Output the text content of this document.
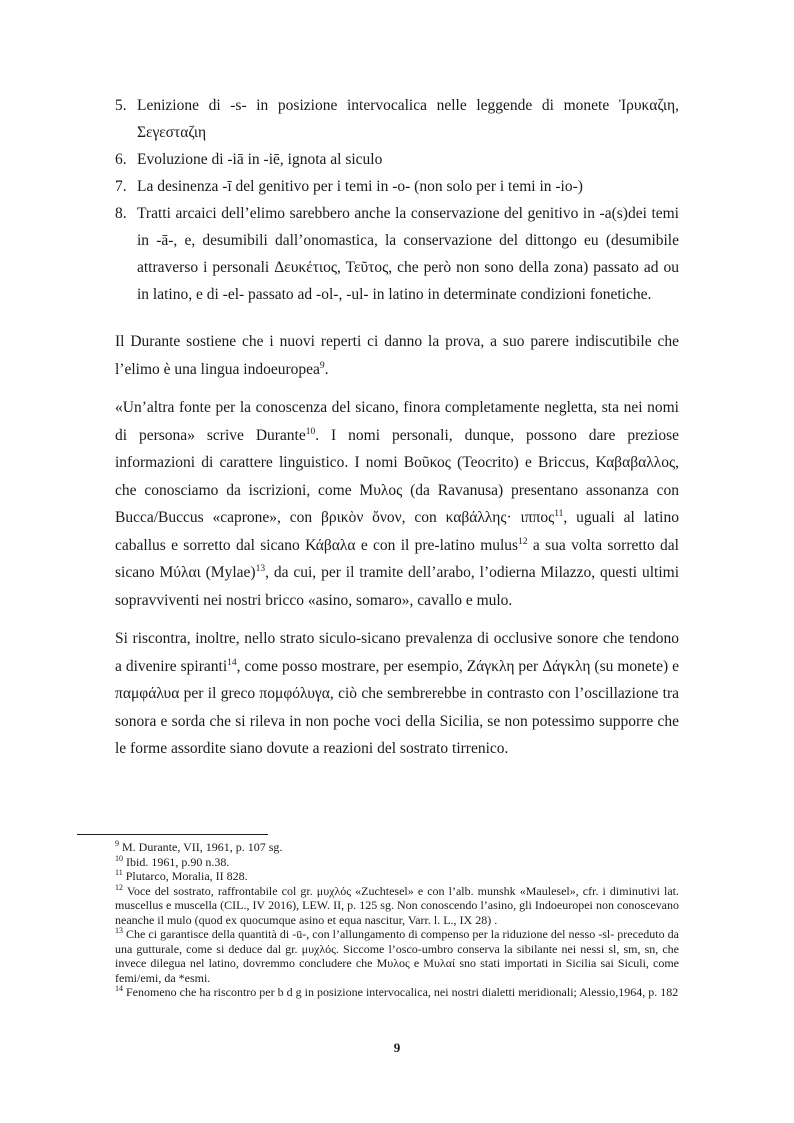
5. Lenizione di -s- in posizione intervocalica nelle leggende di monete Ἰρυκαζιη, Σεγεσταζιη
6. Evoluzione di -iā in -iē, ignota al siculo
7. La desinenza -ī del genitivo per i temi in -o- (non solo per i temi in -io-)
8. Tratti arcaici dell’elimo sarebbero anche la conservazione del genitivo in -a(s)dei temi in -ā-, e, desumibili dall’onomastica, la conservazione del dittongo eu (desumibile attraverso i personali Δευκέτιος, Τεῦτος, che però non sono della zona) passato ad ou in latino, e di -el- passato ad -ol-, -ul- in latino in determinate condizioni fonetiche.

Il Durante sostiene che i nuovi reperti ci danno la prova, a suo parere indiscutibile che l’elimo è una lingua indoeuropea$^9$.

«Un’altra fonte per la conoscenza del sicano, finora completamente negletta, sta nei nomi di persona» scrive Durante$^{10}$. I nomi personali, dunque, possono dare preziose informazioni di carattere linguistico. I nomi Βοῦκος (Teocrito) e Briccus, Καβαβαλλος, che conosciamo da iscrizioni, come Μυλος (da Ravanusa) presentano assonanza con Bucca/Buccus «caprone», con βρικὸν ὄνον, con καβάλλης· ιππος$^{11}$, uguali al latino caballus e sorretto dal sicano Κάβαλα e con il pre-latino mulus$^{12}$ a sua volta sorretto dal sicano Μύλαι (Mylae)$^{13}$, da cui, per il tramite dell’arabo, l’odierna Milazzo, questi ultimi sopravviventi nei nostri bricco «asino, somaro», cavallo e mulo.

Si riscontra, inoltre, nello strato siculo-sicano prevalenza di occlusive sonore che tendono a divenire spiranti$^{14}$, come posso mostrare, per esempio, Ζάγκλη per Δάγκλη (su monete) e παμφάλυα per il greco πομφόλυγα, ciò che sembrerebbe in contrasto con l’oscillazione tra sonora e sorda che si rileva in non poche voci della Sicilia, se non potessimo supporre che le forme assordite siano dovute a reazioni del sostrato tirrenico.

$^9$ M. Durante, VII, 1961, p. 107 sg.
$^{10}$ Ibid. 1961, p.90 n.38.
$^{11}$ Plutarco, Moralia, II 828.
$^{12}$ Voce del sostrato, raffrontabile col gr. μυχλός «Zuchtesel» e con l’alb. munshk «Maulesel», cfr. i diminutivi lat. muscellus e muscella (CIL., IV 2016), LEW. II, p. 125 sg. Non conoscendo l’asino, gli Indoeuropei non conoscevano neanche il mulo (quod ex quocumque asino et equa nascitur, Varr. l. L., IX 28) .
$^{13}$ Che ci garantisce della quantità di -ū-, con l’allungamento di compenso per la riduzione del nesso -sl- preceduto da una gutturale, come si deduce dal gr. μυχλός. Siccome l’osco-umbro conserva la sibilante nei nessi sl, sm, sn, che invece dilegua nel latino, dovremmo concludere che Μυλος e Μυλαί sno stati importati in Sicilia sai Siculi, come femi/emi, da *esmi.
$^{14}$ Fenomeno che ha riscontro per b d g in posizione intervocalica, nei nostri dialetti meridionali; Alessio,1964, p. 182
9
